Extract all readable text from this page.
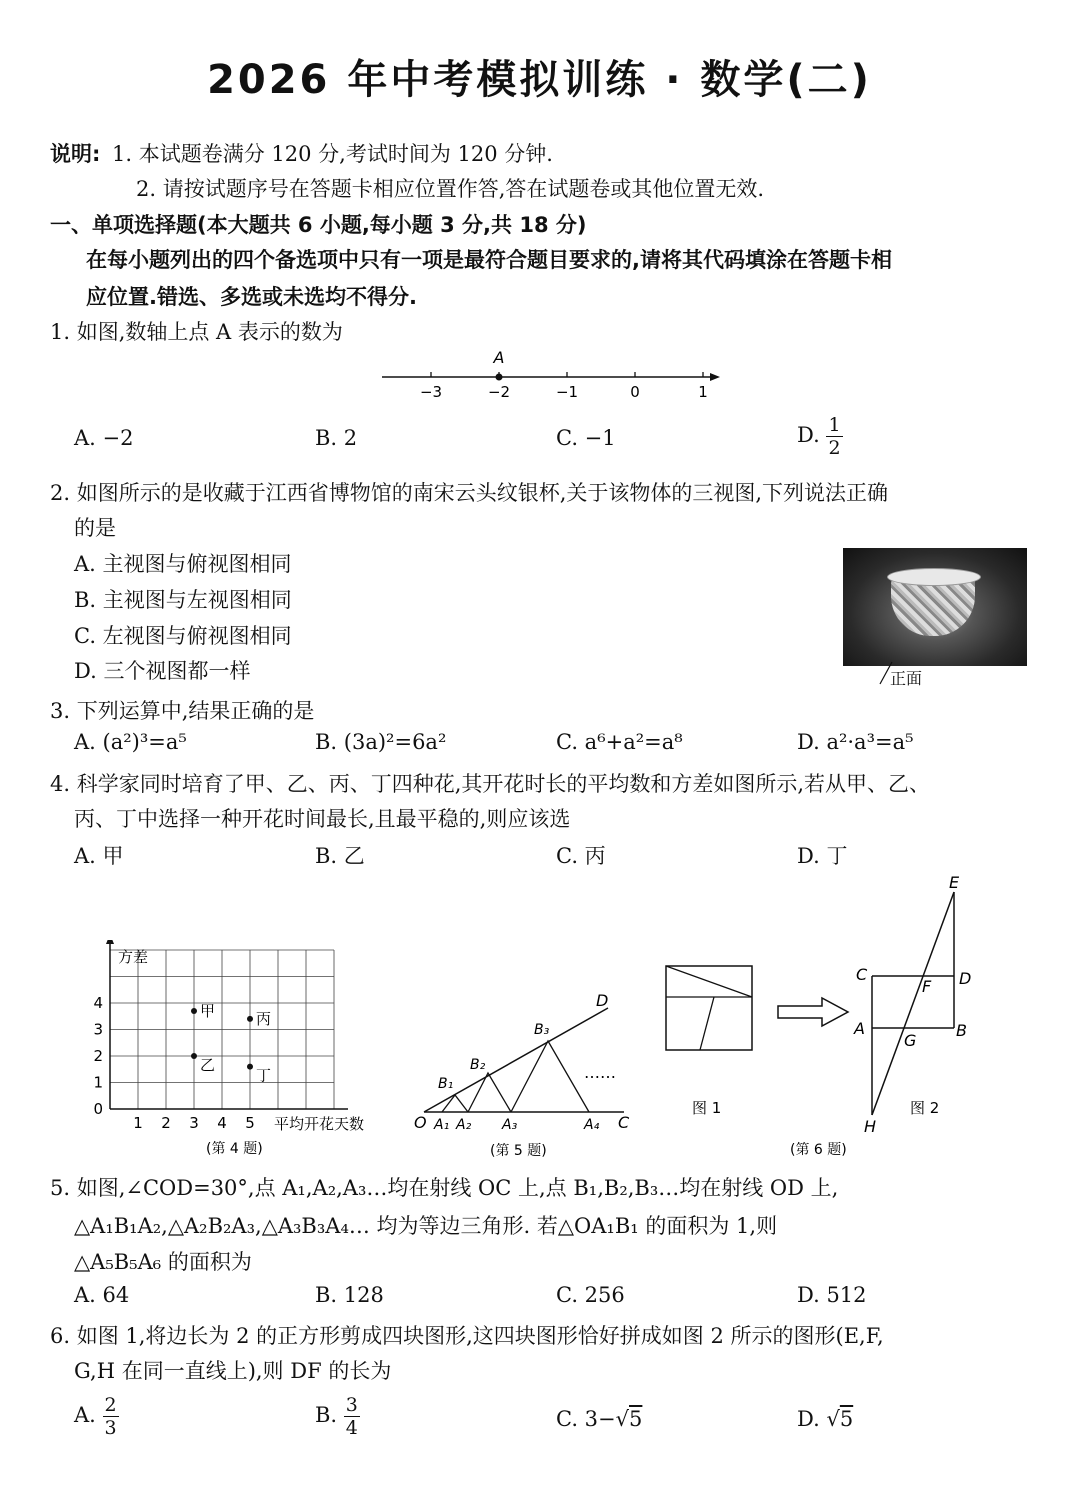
2026 年中考模拟训练 · 数学(二)
说明: 1. 本试题卷满分 120 分,考试时间为 120 分钟.
2. 请按试题序号在答题卡相应位置作答,答在试题卷或其他位置无效.
一、单项选择题(本大题共 6 小题,每小题 3 分,共 18 分)
在每小题列出的四个备选项中只有一项是最符合题目要求的,请将其代码填涂在答题卡相
应位置.错选、多选或未选均不得分.
1. 如图,数轴上点 A 表示的数为
−3	−2	−1	0	1
A
A. −2	B. 2	C. −1	D. $\frac{1}{2}$
2. 如图所示的是收藏于江西省博物馆的南宋云头纹银杯,关于该物体的三视图,下列说法正确
的是
A. 主视图与俯视图相同
B. 主视图与左视图相同
C. 左视图与俯视图相同
D. 三个视图都一样	正面
3. 下列运算中,结果正确的是
A. (a²)³=a⁵	B. (3a)²=6a²	C. a⁶+a²=a⁸	D. a²·a³=a⁵
4. 科学家同时培育了甲、乙、丙、丁四种花,其开花时长的平均数和方差如图所示,若从甲、乙、
丙、丁中选择一种开花时间最长,且最平稳的,则应该选
A. 甲	B. 乙	C. 丙	D. 丁
1 2 3 4 5
0
1
2
3
4	甲
乙
丙
丁
方差
平均开花天数
(第 4 题)
O	C
D
……
A₁ A₂ A₃	A₄
B₁
B₂
B₃
(第 5 题)
图 1
E
C
F D
A
G
B
H
图 2
(第 6 题)
5. 如图,∠COD=30°,点 A₁,A₂,A₃…均在射线 OC 上,点 B₁,B₂,B₃…均在射线 OD 上,
△A₁B₁A₂,△A₂B₂A₃,△A₃B₃A₄… 均为等边三角形. 若△OA₁B₁ 的面积为 1,则
△A₅B₅A₆ 的面积为
A. 64	B. 128	C. 256	D. 512
6. 如图 1,将边长为 2 的正方形剪成四块图形,这四块图形恰好拼成如图 2 所示的图形(E,F,
G,H 在同一直线上),则 DF 的长为
A. $\frac{2}{3}$	B. $\frac{3}{4}$	C. 3−√5	D. √5
